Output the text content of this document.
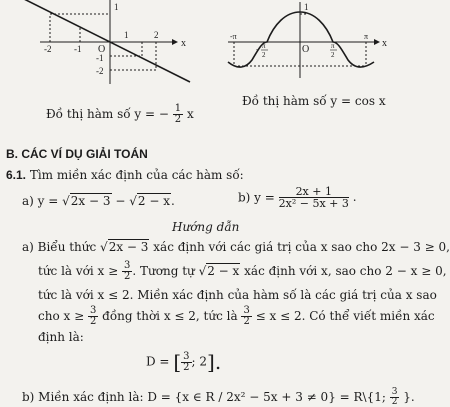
1
-2	-1 O
1	2
x
-1
-2
1
O
x
-π
- π
2
π
2
π
Đồ thị hàm số y = − $\frac{1}{2}$ x
Đồ thị hàm số y = cos x
B. CÁC VÍ DỤ GIẢI TOÁN
6.1. Tìm miền xác định của các hàm số:
a) y = √2x − 3 − √2 − x.	b) $y = \frac{2x + 1}{\text{2x² − 5x + 3}}$ .
Hướng dẫn
a) Biểu thức √2x − 3 xác định với các giá trị của x sao cho 2x − 3 ≥ 0,
tức là với $x \ge \frac{3}{2}$ . Tương tự √2 − x xác định với x, sao cho 2 − x ≥ 0,
tức là với x ≤ 2. Miền xác định của hàm số là các giá trị của x sao
cho $x \ge \frac{3}{2}$ đồng thời x ≤ 2, tức là $\frac{3}{2} \le x \le 2$. Có thể viết miền xác
định là:
D = [ $\frac{3}{2}$ ; 2].
b) Miền xác định là: D = {x ∈ R / 2x² − 5x + 3 ≠ 0} = R\{1; $\frac{3}{2}$ }.
